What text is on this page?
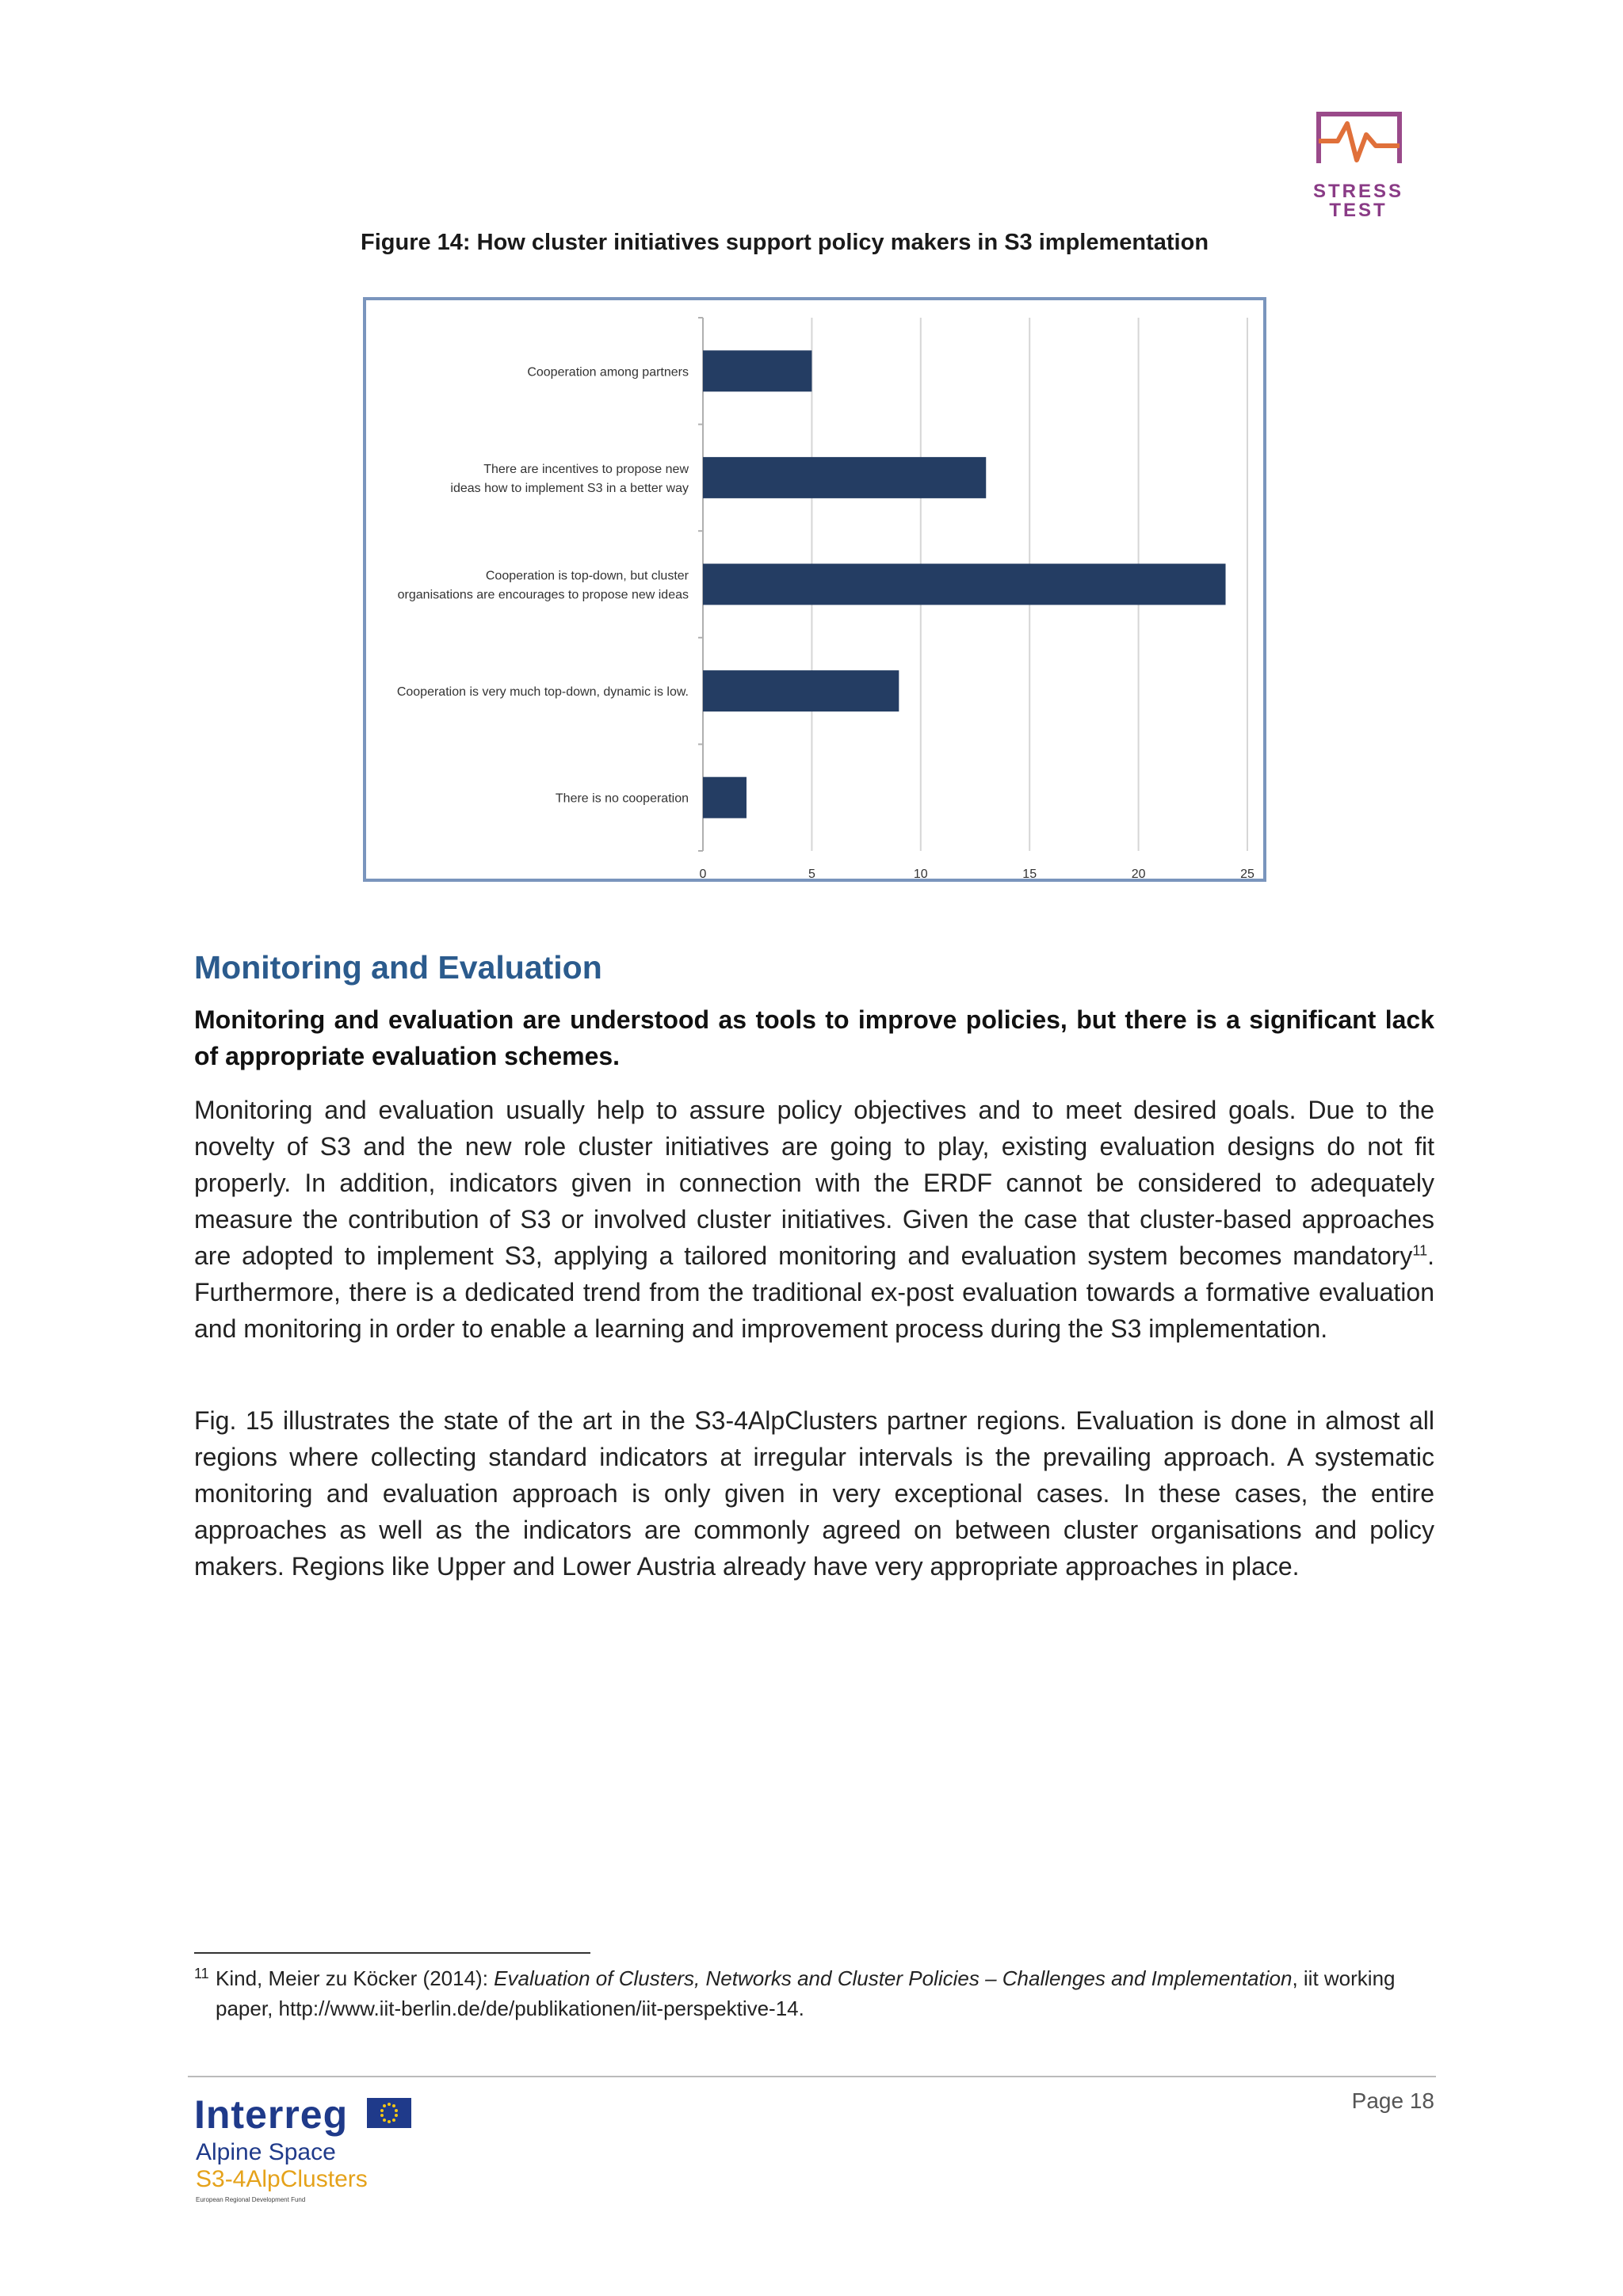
STRESS
TEST
Figure 14: How cluster initiatives support policy makers in S3 implementation
0	5	10	15	20	25
Cooperation among partners
There are incentives to propose new
ideas how to implement S3 in a better way
Cooperation is top-down, but cluster
organisations are encourages to propose new ideas
Cooperation is very much top-down, dynamic is low.
There is no cooperation
Monitoring and Evaluation
Monitoring and evaluation are understood as tools to improve policies, but there is a significant lack of appropriate evaluation schemes.

Monitoring and evaluation usually help to assure policy objectives and to meet desired goals. Due to the novelty of S3 and the new role cluster initiatives are going to play, existing evaluation designs do not fit properly. In addition, indicators given in connection with the ERDF cannot be considered to adequately measure the contribution of S3 or involved cluster initiatives. Given the case that cluster-based approaches are adopted to implement S3, applying a tailored monitoring and evaluation system becomes mandatory$^{11}$. Furthermore, there is a dedicated trend from the traditional ex-post evaluation towards a formative evaluation and monitoring in order to enable a learning and improvement process during the S3 implementation.

Fig. 15 illustrates the state of the art in the S3-4AlpClusters partner regions. Evaluation is done in almost all regions where collecting standard indicators at irregular intervals is the prevailing approach. A systematic monitoring and evaluation approach is only given in very exceptional cases. In these cases, the entire approaches as well as the indicators are commonly agreed on between cluster organisations and policy makers. Regions like Upper and Lower Austria already have very appropriate approaches in place.

11 Kind, Meier zu Köcker (2014): Evaluation of Clusters, Networks and Cluster Policies – Challenges and Implementation, iit working paper, http://www.iit-berlin.de/de/publikationen/iit-perspektive-14.
Page 18
Interreg
Alpine Space
S3-4AlpClusters
European Regional Development Fund
